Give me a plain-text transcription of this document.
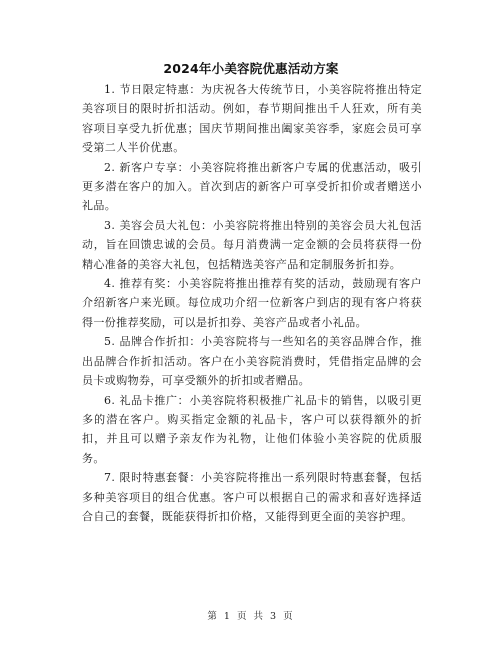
2024年小美容院优惠活动方案

1. 节日限定特惠：为庆祝各大传统节日，小美容院将推出特定美容项目的限时折扣活动。例如，春节期间推出千人狂欢，所有美容项目享受九折优惠；国庆节期间推出阖家美容季，家庭会员可享受第二人半价优惠。

2. 新客户专享：小美容院将推出新客户专属的优惠活动，吸引更多潜在客户的加入。首次到店的新客户可享受折扣价或者赠送小礼品。

3. 美容会员大礼包：小美容院将推出特别的美容会员大礼包活动，旨在回馈忠诚的会员。每月消费满一定金额的会员将获得一份精心准备的美容大礼包，包括精选美容产品和定制服务折扣券。

4. 推荐有奖：小美容院将推出推荐有奖的活动，鼓励现有客户介绍新客户来光顾。每位成功介绍一位新客户到店的现有客户将获得一份推荐奖励，可以是折扣券、美容产品或者小礼品。

5. 品牌合作折扣：小美容院将与一些知名的美容品牌合作，推出品牌合作折扣活动。客户在小美容院消费时，凭借指定品牌的会员卡或购物券，可享受额外的折扣或者赠品。

6. 礼品卡推广：小美容院将积极推广礼品卡的销售，以吸引更多的潜在客户。购买指定金额的礼品卡，客户可以获得额外的折扣，并且可以赠予亲友作为礼物，让他们体验小美容院的优质服务。

7. 限时特惠套餐：小美容院将推出一系列限时特惠套餐，包括多种美容项目的组合优惠。客户可以根据自己的需求和喜好选择适合自己的套餐，既能获得折扣价格，又能得到更全面的美容护理。

第 1 页 共 3 页
